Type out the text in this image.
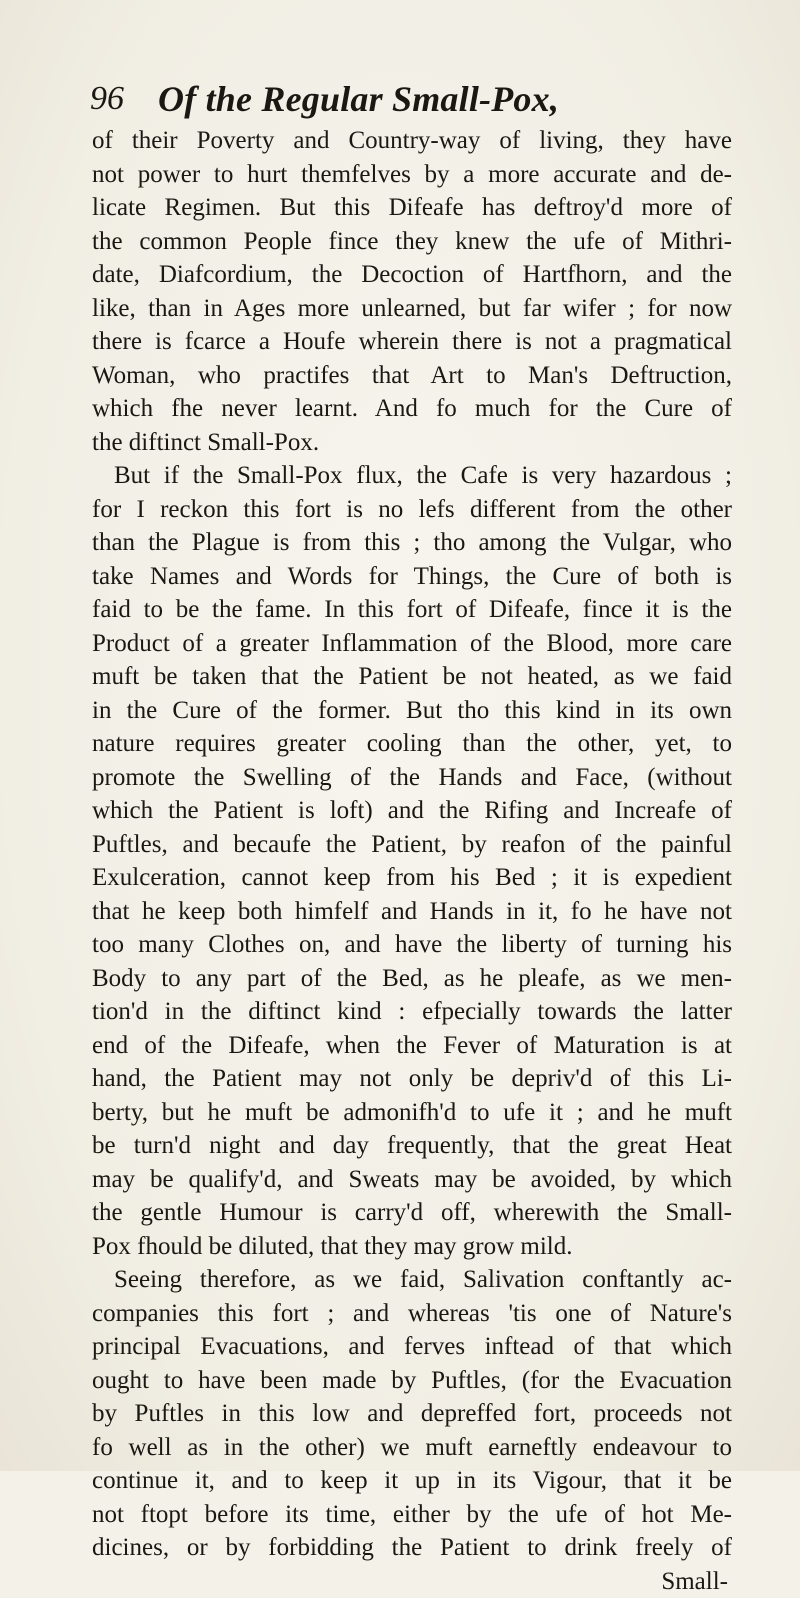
96 Of the Regular Small-Pox,
of their Poverty and Country-way of living, they have
not power to hurt themfelves by a more accurate and de-
licate Regimen. But this Difeafe has deftroy'd more of
the common People fince they knew the ufe of Mithri-
date, Diafcordium, the Decoction of Hartfhorn, and the
like, than in Ages more unlearned, but far wifer ; for now
there is fcarce a Houfe wherein there is not a pragmatical
Woman, who practifes that Art to Man's Deftruction,
which fhe never learnt. And fo much for the Cure of
the diftinct Small-Pox.
But if the Small-Pox flux, the Cafe is very hazardous ;
for I reckon this fort is no lefs different from the other
than the Plague is from this ; tho among the Vulgar, who
take Names and Words for Things, the Cure of both is
faid to be the fame. In this fort of Difeafe, fince it is the
Product of a greater Inflammation of the Blood, more care
muft be taken that the Patient be not heated, as we faid
in the Cure of the former. But tho this kind in its own
nature requires greater cooling than the other, yet, to
promote the Swelling of the Hands and Face, (without
which the Patient is loft) and the Rifing and Increafe of
Puftles, and becaufe the Patient, by reafon of the painful
Exulceration, cannot keep from his Bed ; it is expedient
that he keep both himfelf and Hands in it, fo he have not
too many Clothes on, and have the liberty of turning his
Body to any part of the Bed, as he pleafe, as we men-
tion'd in the diftinct kind : efpecially towards the latter
end of the Difeafe, when the Fever of Maturation is at
hand, the Patient may not only be depriv'd of this Li-
berty, but he muft be admonifh'd to ufe it ; and he muft
be turn'd night and day frequently, that the great Heat
may be qualify'd, and Sweats may be avoided, by which
the gentle Humour is carry'd off, wherewith the Small-
Pox fhould be diluted, that they may grow mild.
Seeing therefore, as we faid, Salivation conftantly ac-
companies this fort ; and whereas 'tis one of Nature's
principal Evacuations, and ferves inftead of that which
ought to have been made by Puftles, (for the Evacuation
by Puftles in this low and depreffed fort, proceeds not
fo well as in the other) we muft earneftly endeavour to
continue it, and to keep it up in its Vigour, that it be
not ftopt before its time, either by the ufe of hot Me-
dicines, or by forbidding the Patient to drink freely of
Small-
